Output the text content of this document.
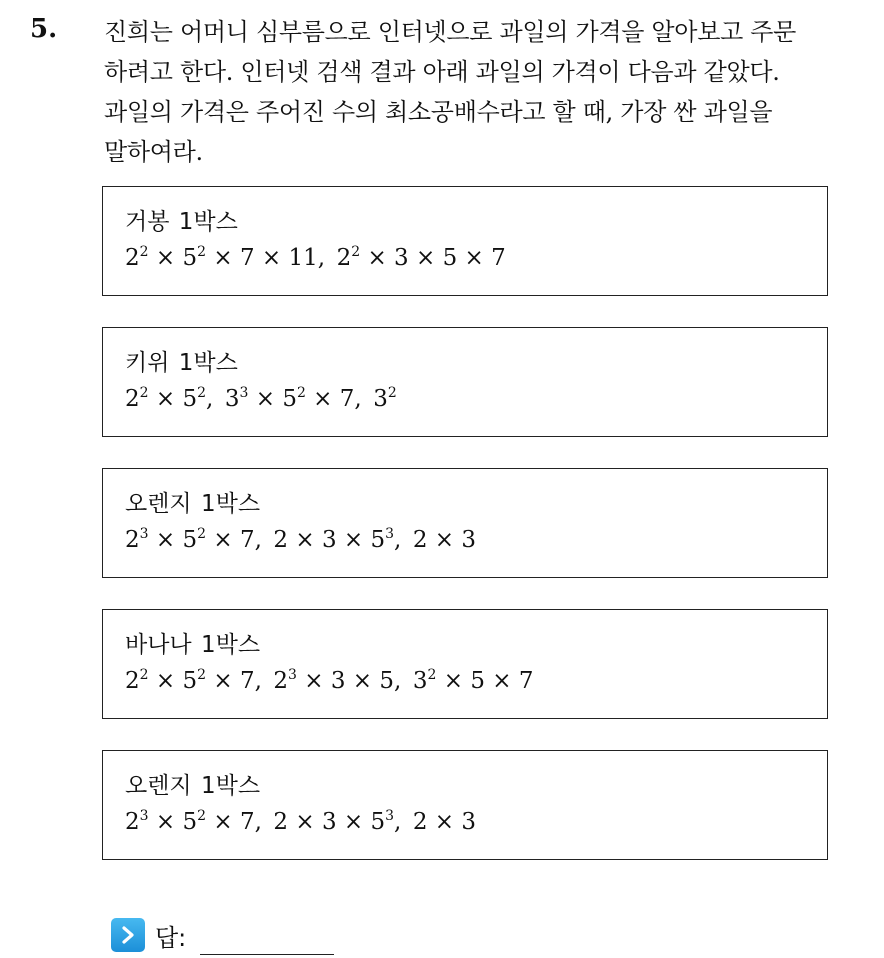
5. 진희는 어머니 심부름으로 인터넷으로 과일의 가격을 알아보고 주문
하려고 한다. 인터넷 검색 결과 아래 과일의 가격이 다음과 같았다.
과일의 가격은 주어진 수의 최소공배수라고 할 때, 가장 싼 과일을
말하여라.
거봉 1박스
$2^2 \times 5^2 \times 7 \times 11$, $2^2 \times 3 \times 5 \times 7$
키위 1박스
$2^2 \times 5^2$, $3^3 \times 5^2 \times 7$, $3^2$
오렌지 1박스
$2^3 \times 5^2 \times 7$, $2 \times 3 \times 5^3$, 2 × 3
바나나 1박스
$2^2 \times 5^2 \times 7$, $2^3 \times 3 \times 5$, $3^2 \times 5 \times 7$
오렌지 1박스
$2^3 \times 5^2 \times 7$, $2 \times 3 \times 5^3$, 2 × 3
답:
